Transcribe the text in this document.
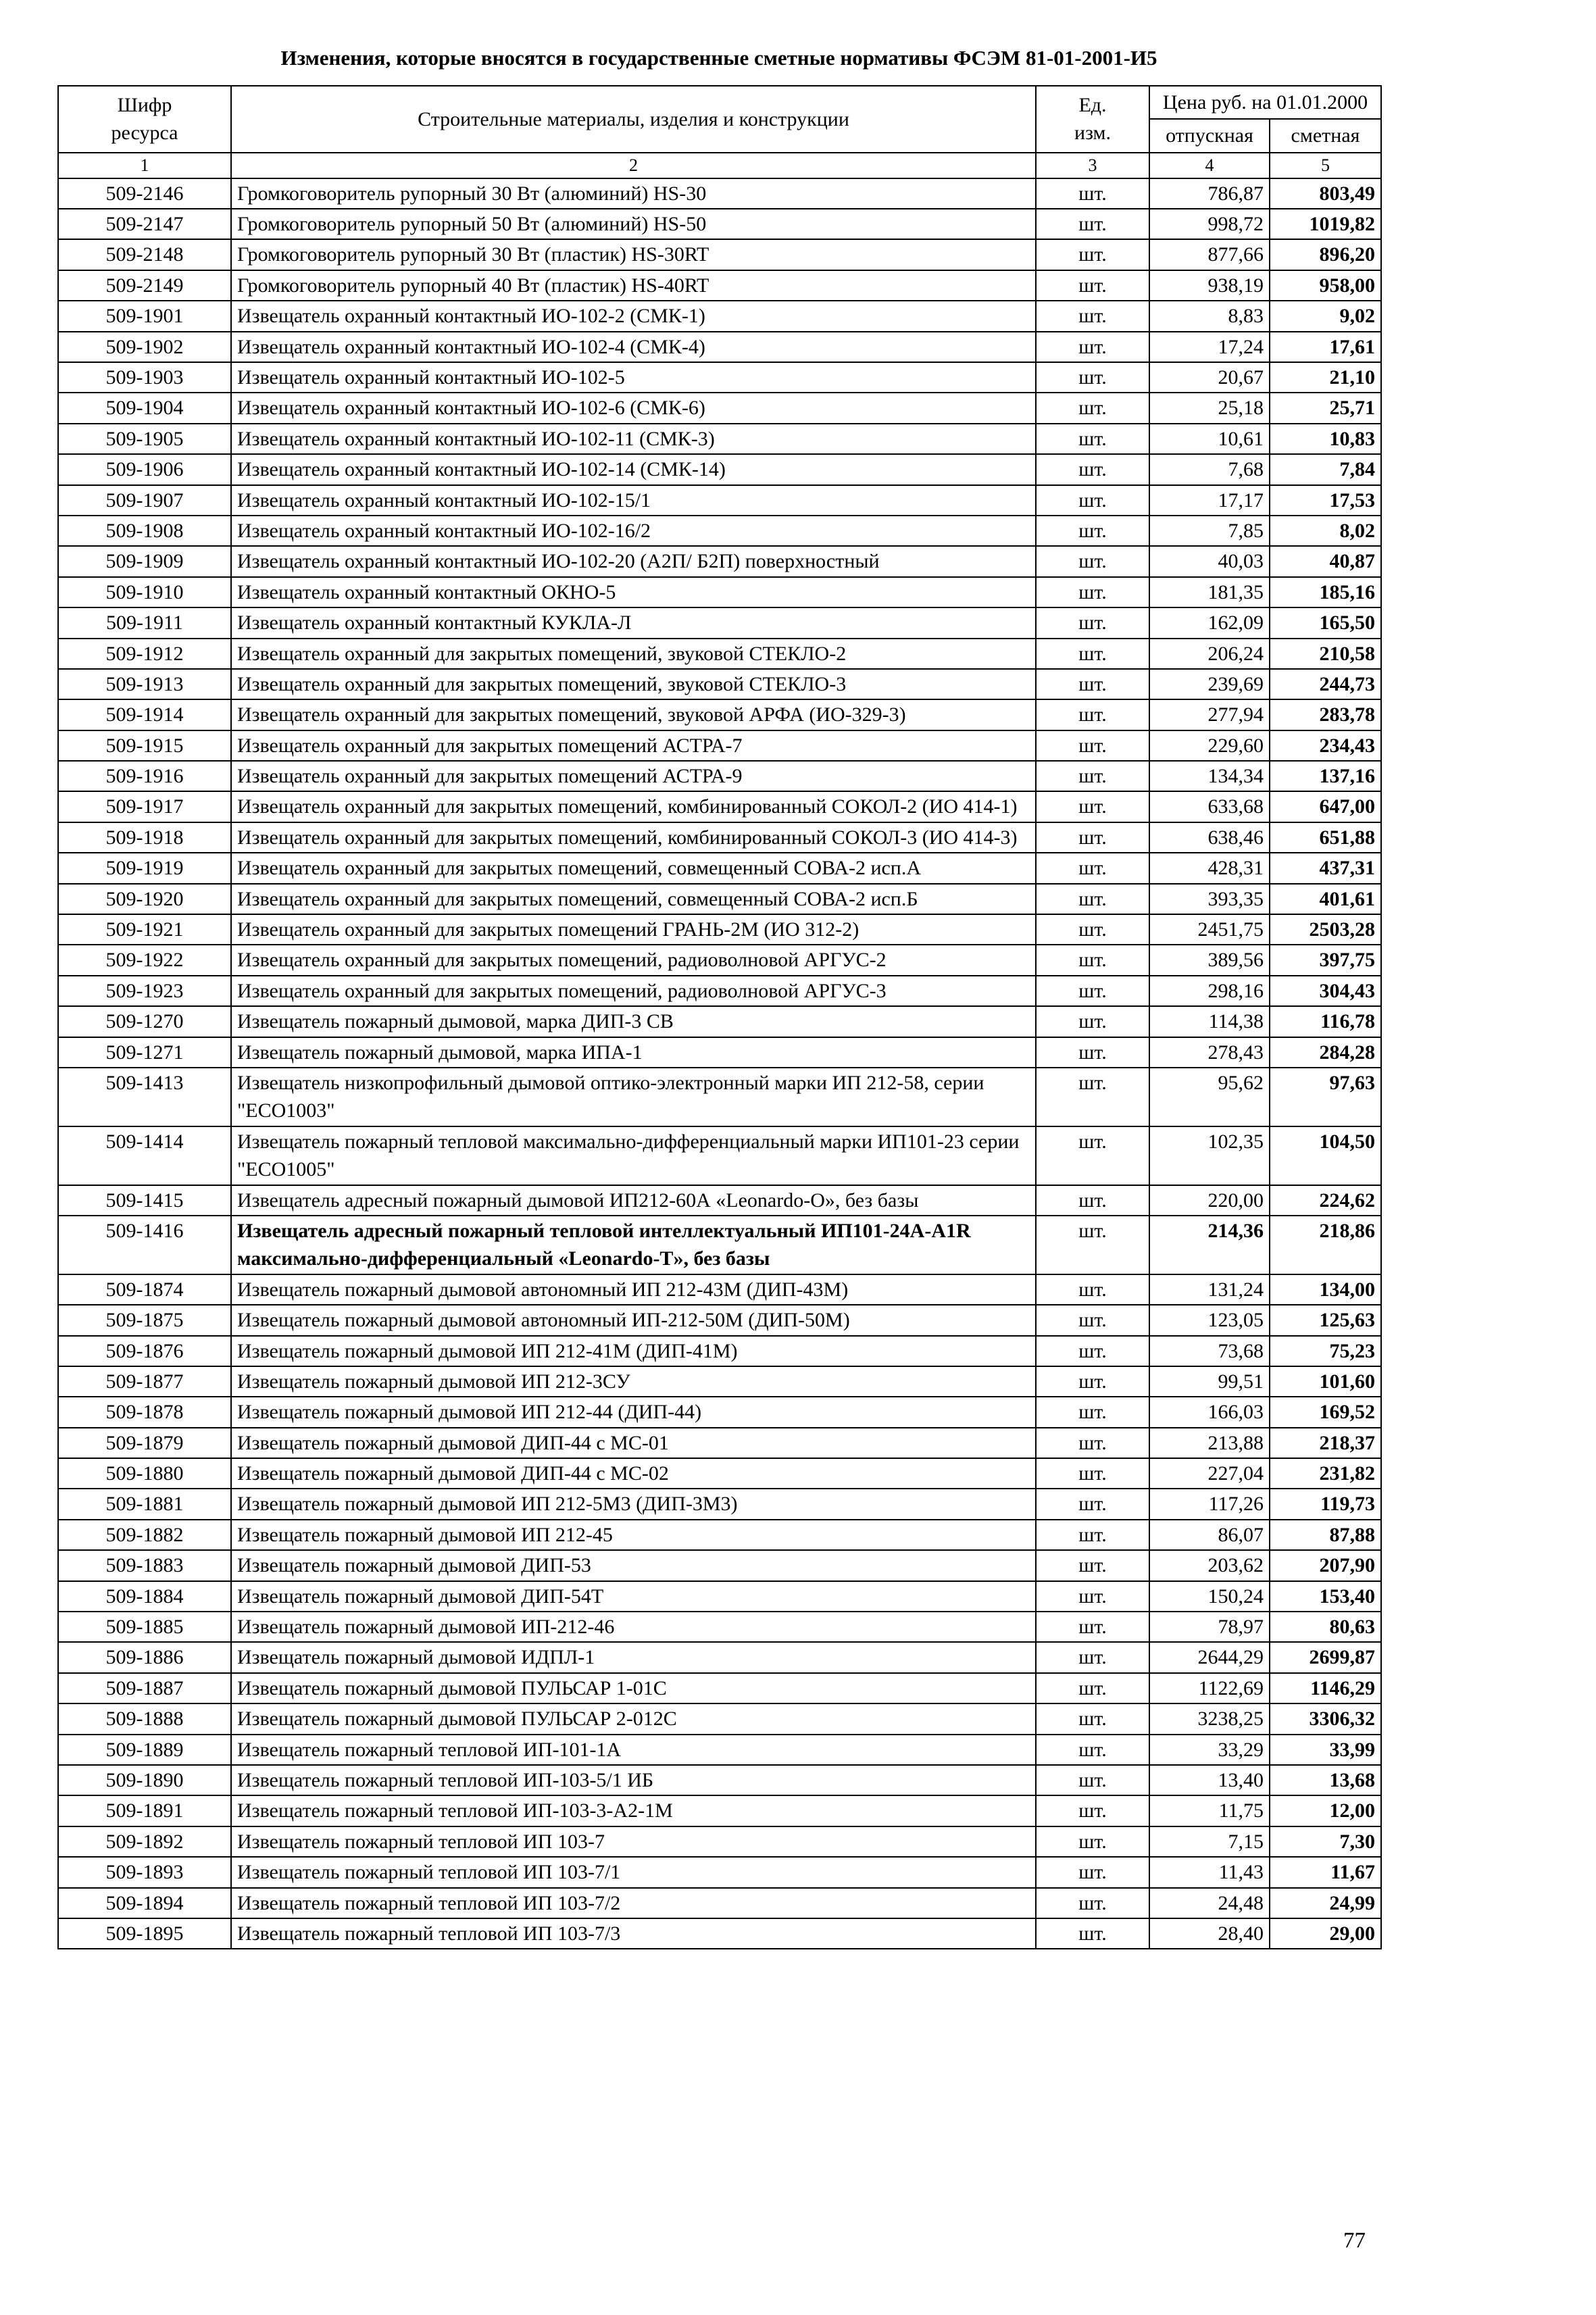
Изменения, которые вносятся в государственные сметные нормативы ФСЭМ 81-01-2001-И5
Шифр ресурса	Строительные материалы, изделия и конструкции	Ед. изм.	Цена руб. на 01.01.2000	
			отпускная	сметная
1	2	3	4	5
509-2146	Громкоговоритель рупорный 30 Вт (алюминий) HS-30	шт.	786,87	803,49
509-2147	Громкоговоритель рупорный 50 Вт (алюминий) HS-50	шт.	998,72	1019,82
509-2148	Громкоговоритель рупорный 30 Вт (пластик) HS-30RT	шт.	877,66	896,20
509-2149	Громкоговоритель рупорный 40 Вт (пластик) HS-40RT	шт.	938,19	958,00
509-1901	Извещатель охранный контактный ИО-102-2 (СМК-1)	шт.	8,83	9,02
509-1902	Извещатель охранный контактный ИО-102-4 (СМК-4)	шт.	17,24	17,61
509-1903	Извещатель охранный контактный ИО-102-5	шт.	20,67	21,10
509-1904	Извещатель охранный контактный ИО-102-6 (СМК-6)	шт.	25,18	25,71
509-1905	Извещатель охранный контактный ИО-102-11 (СМК-3)	шт.	10,61	10,83
509-1906	Извещатель охранный контактный ИО-102-14 (СМК-14)	шт.	7,68	7,84
509-1907	Извещатель охранный контактный ИО-102-15/1	шт.	17,17	17,53
509-1908	Извещатель охранный контактный ИО-102-16/2	шт.	7,85	8,02
509-1909	Извещатель охранный контактный ИО-102-20 (А2П/ Б2П) поверхностный	шт.	40,03	40,87
509-1910	Извещатель охранный контактный ОКНО-5	шт.	181,35	185,16
509-1911	Извещатель охранный контактный КУКЛА-Л	шт.	162,09	165,50
509-1912	Извещатель охранный для закрытых помещений, звуковой СТЕКЛО-2	шт.	206,24	210,58
509-1913	Извещатель охранный для закрытых помещений, звуковой СТЕКЛО-3	шт.	239,69	244,73
509-1914	Извещатель охранный для закрытых помещений, звуковой АРФА (ИО-329-3)	шт.	277,94	283,78
509-1915	Извещатель охранный для закрытых помещений АСТРА-7	шт.	229,60	234,43
509-1916	Извещатель охранный для закрытых помещений АСТРА-9	шт.	134,34	137,16
509-1917	Извещатель охранный для закрытых помещений, комбинированный СОКОЛ-2 (ИО 414-1)	шт.	633,68	647,00
509-1918	Извещатель охранный для закрытых помещений, комбинированный СОКОЛ-3 (ИО 414-3)	шт.	638,46	651,88
509-1919	Извещатель охранный для закрытых помещений, совмещенный СОВА-2 исп.А	шт.	428,31	437,31
509-1920	Извещатель охранный для закрытых помещений, совмещенный СОВА-2 исп.Б	шт.	393,35	401,61
509-1921	Извещатель охранный для закрытых помещений ГРАНЬ-2М (ИО 312-2)	шт.	2451,75	2503,28
509-1922	Извещатель охранный для закрытых помещений, радиоволновой АРГУС-2	шт.	389,56	397,75
509-1923	Извещатель охранный для закрытых помещений, радиоволновой АРГУС-3	шт.	298,16	304,43
509-1270	Извещатель пожарный дымовой, марка ДИП-3 СВ	шт.	114,38	116,78
509-1271	Извещатель пожарный дымовой, марка ИПА-1	шт.	278,43	284,28
509-1413	Извещатель низкопрофильный дымовой оптико-электронный марки ИП 212-58, серии "ECO1003"	шт.	95,62	97,63
509-1414	Извещатель пожарный тепловой максимально-дифференциальный марки ИП101-23 серии "ECO1005"	шт.	102,35	104,50
509-1415	Извещатель адресный пожарный дымовой ИП212-60А «Leonardo-O», без базы	шт.	220,00	224,62
509-1416	Извещатель адресный пожарный тепловой интеллектуальный ИП101-24А-A1R максимально-дифференциальный «Leonardo-T», без базы	шт.	214,36	218,86
509-1874	Извещатель пожарный дымовой автономный ИП 212-43М (ДИП-43М)	шт.	131,24	134,00
509-1875	Извещатель пожарный дымовой автономный ИП-212-50М (ДИП-50М)	шт.	123,05	125,63
509-1876	Извещатель пожарный дымовой ИП 212-41М (ДИП-41М)	шт.	73,68	75,23
509-1877	Извещатель пожарный дымовой ИП 212-3СУ	шт.	99,51	101,60
509-1878	Извещатель пожарный дымовой ИП 212-44 (ДИП-44)	шт.	166,03	169,52
509-1879	Извещатель пожарный дымовой ДИП-44 с МС-01	шт.	213,88	218,37
509-1880	Извещатель пожарный дымовой ДИП-44 с МС-02	шт.	227,04	231,82
509-1881	Извещатель пожарный дымовой ИП 212-5М3 (ДИП-3М3)	шт.	117,26	119,73
509-1882	Извещатель пожарный дымовой ИП 212-45	шт.	86,07	87,88
509-1883	Извещатель пожарный дымовой ДИП-53	шт.	203,62	207,90
509-1884	Извещатель пожарный дымовой ДИП-54Т	шт.	150,24	153,40
509-1885	Извещатель пожарный дымовой ИП-212-46	шт.	78,97	80,63
509-1886	Извещатель пожарный дымовой ИДПЛ-1	шт.	2644,29	2699,87
509-1887	Извещатель пожарный дымовой ПУЛЬСАР 1-01С	шт.	1122,69	1146,29
509-1888	Извещатель пожарный дымовой ПУЛЬСАР 2-012С	шт.	3238,25	3306,32
509-1889	Извещатель пожарный тепловой ИП-101-1А	шт.	33,29	33,99
509-1890	Извещатель пожарный тепловой ИП-103-5/1 ИБ	шт.	13,40	13,68
509-1891	Извещатель пожарный тепловой ИП-103-3-А2-1М	шт.	11,75	12,00
509-1892	Извещатель пожарный тепловой ИП 103-7	шт.	7,15	7,30
509-1893	Извещатель пожарный тепловой ИП 103-7/1	шт.	11,43	11,67
509-1894	Извещатель пожарный тепловой ИП 103-7/2	шт.	24,48	24,99
509-1895	Извещатель пожарный тепловой ИП 103-7/3	шт.	28,40	29,00
77
